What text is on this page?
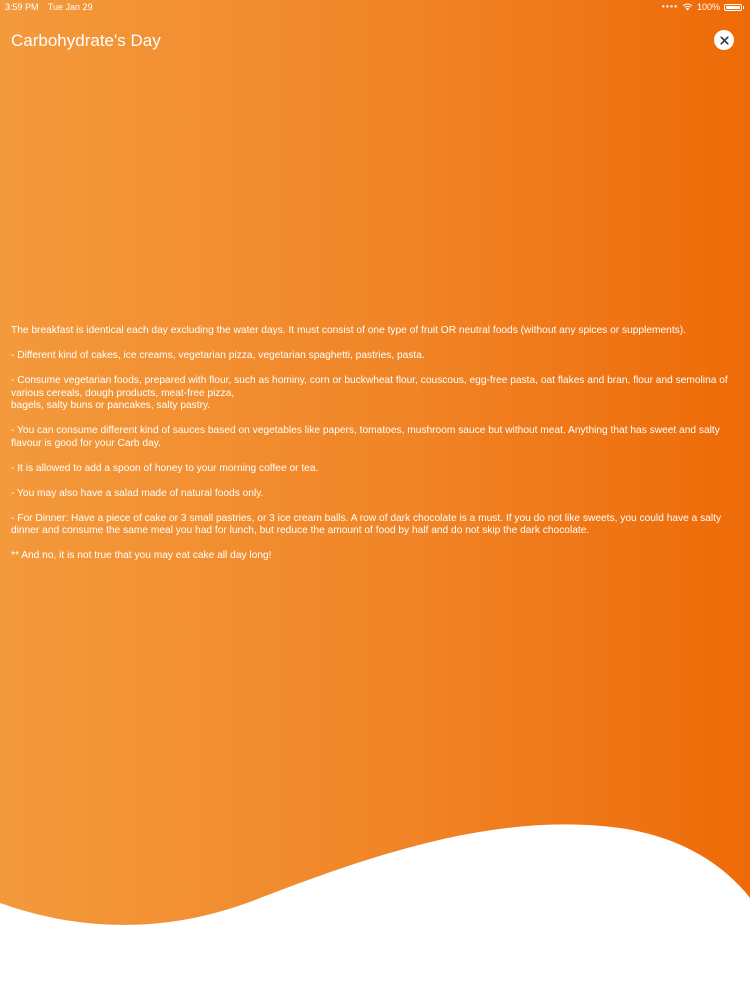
3:59 PM Tue Jan 29	●●●● 100%
Carbohydrate's Day

The breakfast is identical each day excluding the water days. It must consist of one type of fruit OR neutral foods (without any spices or supplements).

- Different kind of cakes, ice creams, vegetarian pizza, vegetarian spaghetti, pastries, pasta.

- Consume vegetarian foods, prepared with flour, such as hominy, corn or buckwheat flour, couscous, egg-free pasta, oat flakes and bran, flour and semolina of various cereals, dough products, meat-free pizza,
bagels, salty buns or pancakes, salty pastry.

- You can consume different kind of sauces based on vegetables like papers, tomatoes, mushroom sauce but without meat. Anything that has sweet and salty flavour is good for your Carb day.

- It is allowed to add a spoon of honey to your morning coffee or tea.

- You may also have a salad made of natural foods only.

- For Dinner: Have a piece of cake or 3 small pastries, or 3 ice cream balls. A row of dark chocolate is a must. If you do not like sweets, you could have a salty dinner and consume the same meal you had for lunch, but reduce the amount of food by half and do not skip the dark chocolate.

** And no, it is not true that you may eat cake all day long!
